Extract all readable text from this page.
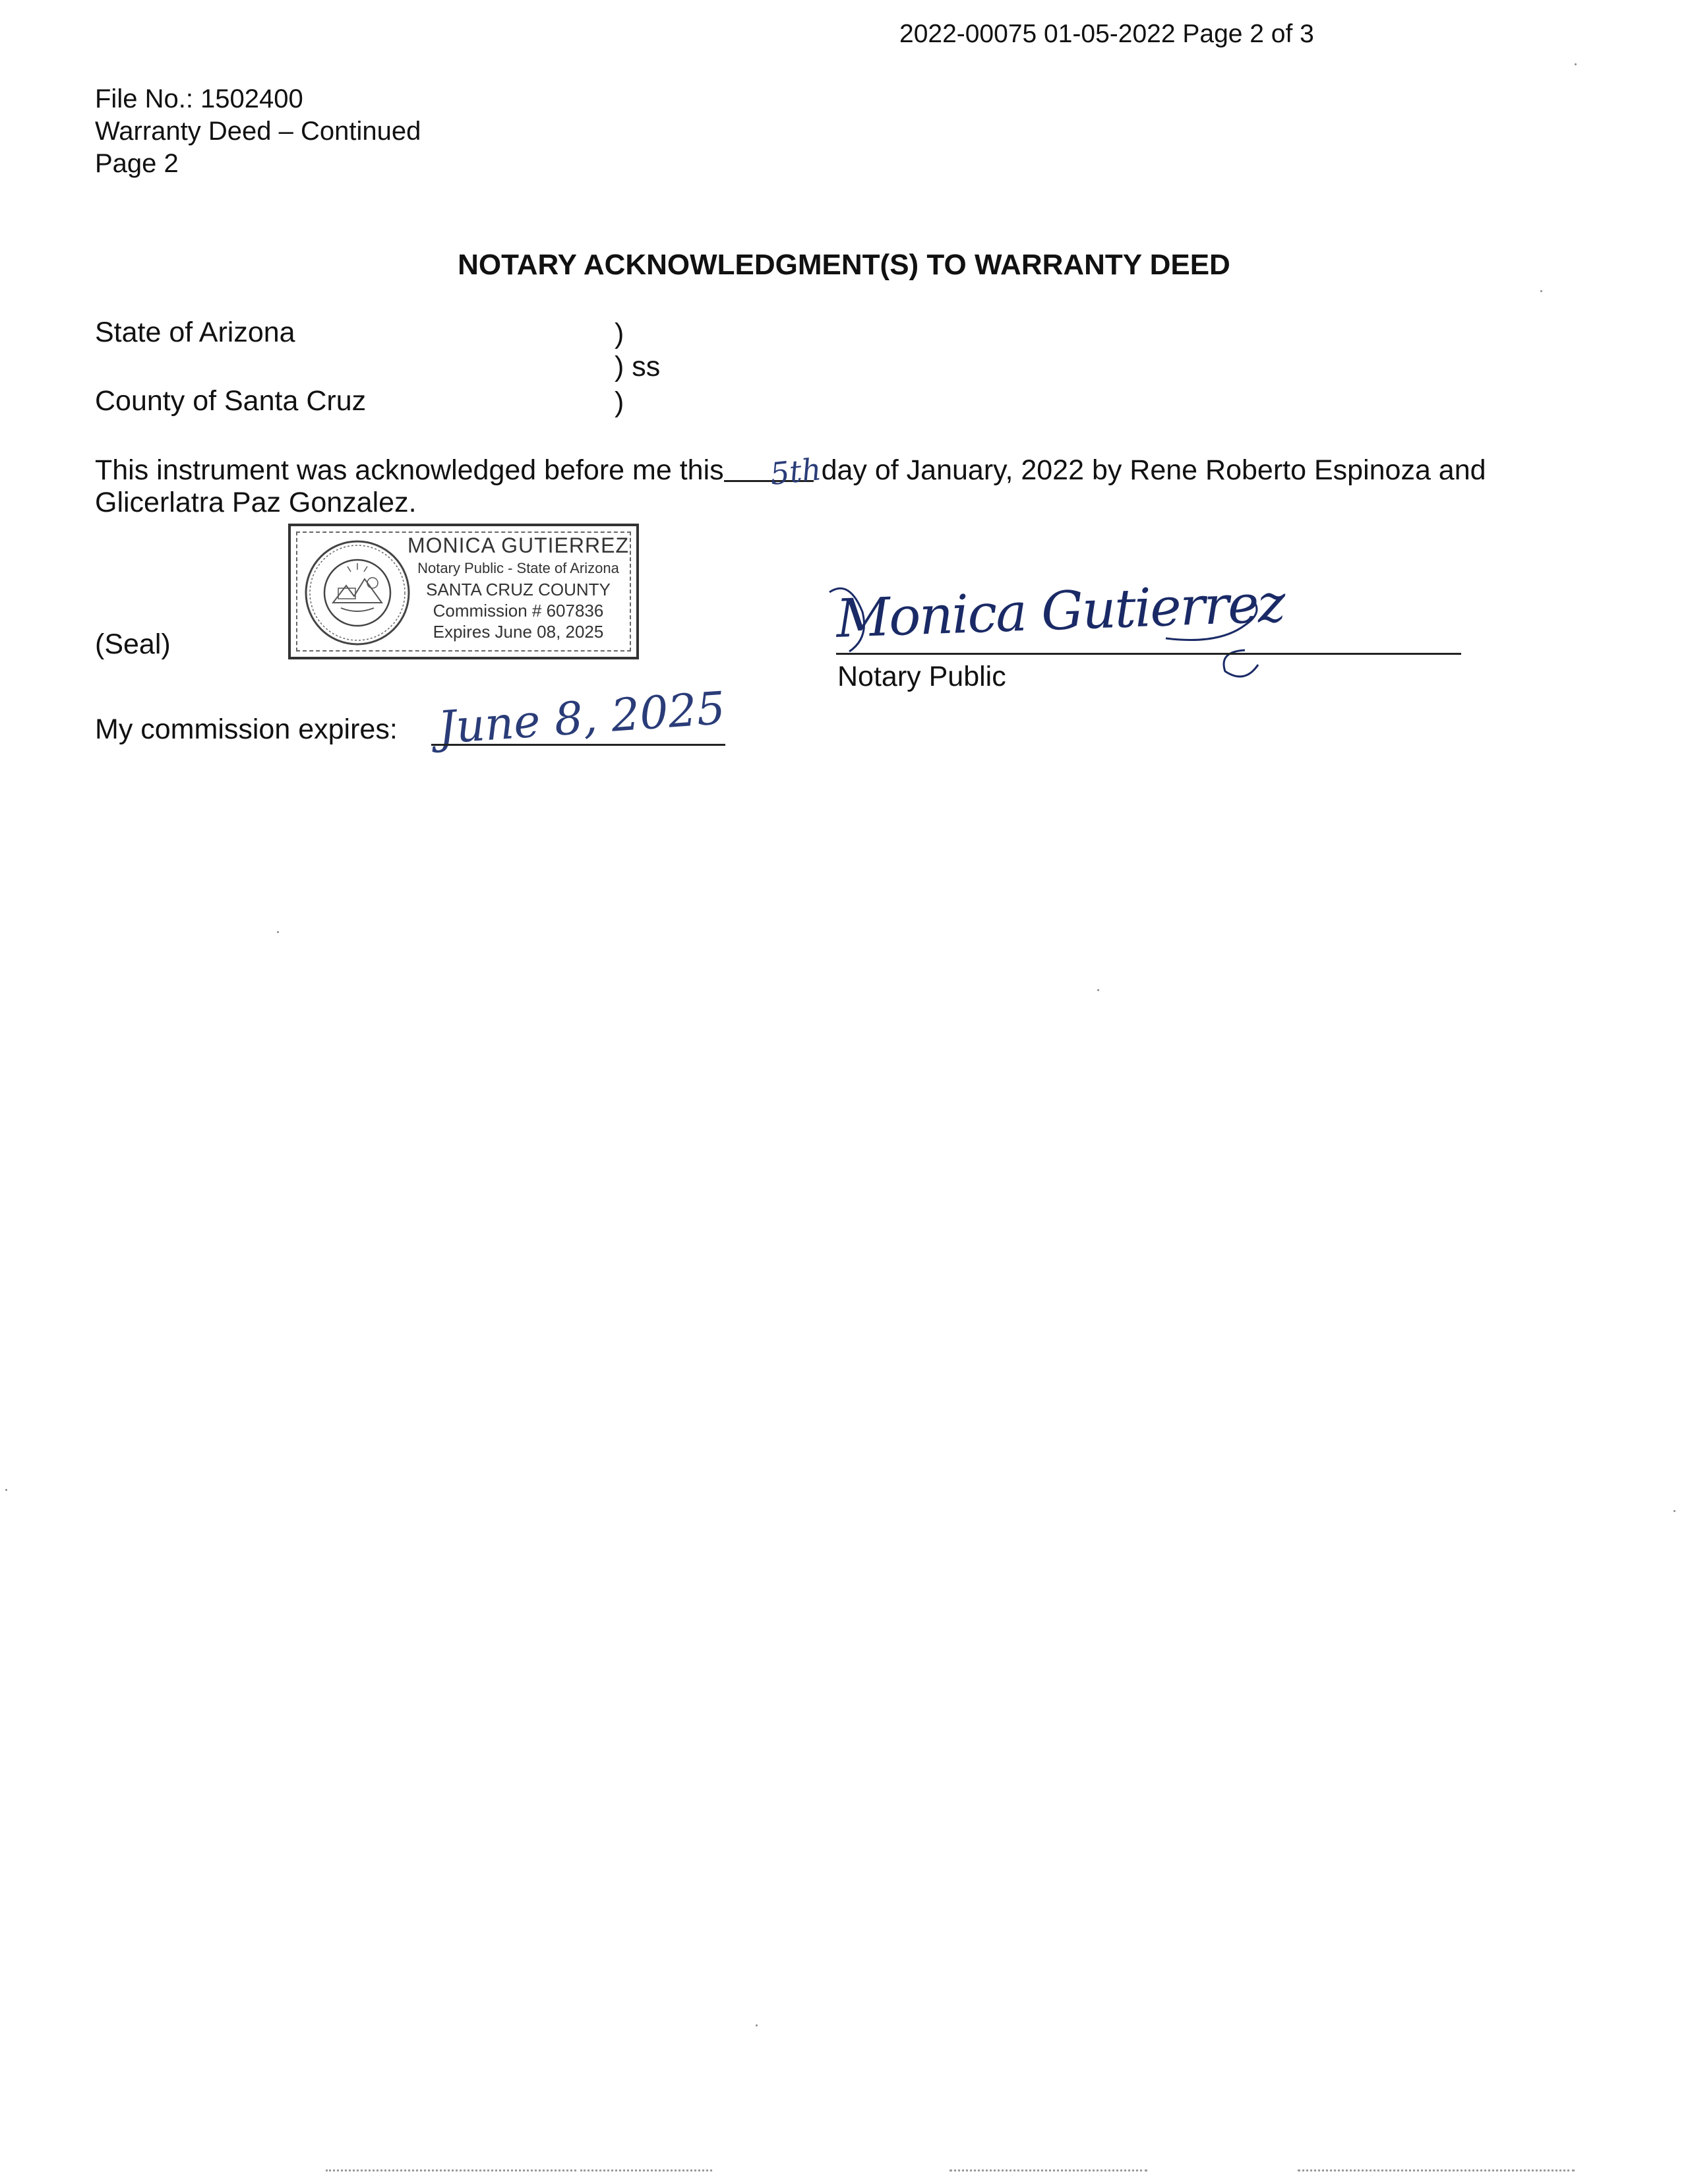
2022-00075 01-05-2022 Page 2 of 3
File No.: 1502400
Warranty Deed – Continued
Page 2
NOTARY ACKNOWLEDGMENT(S) TO WARRANTY DEED
State of Arizona
County of Santa Cruz
)
) ss
)
This instrument was acknowledged before me this	day of January, 2022 by Rene Roberto Espinoza and
5th
Glicerlatra Paz Gonzalez.
(Seal)
MONICA GUTIERREZ
Notary Public - State of Arizona
SANTA CRUZ COUNTY
Commission # 607836
Expires June 08, 2025	Monica Gutierrez
Notary Public
My commission expires: June 8, 2025
